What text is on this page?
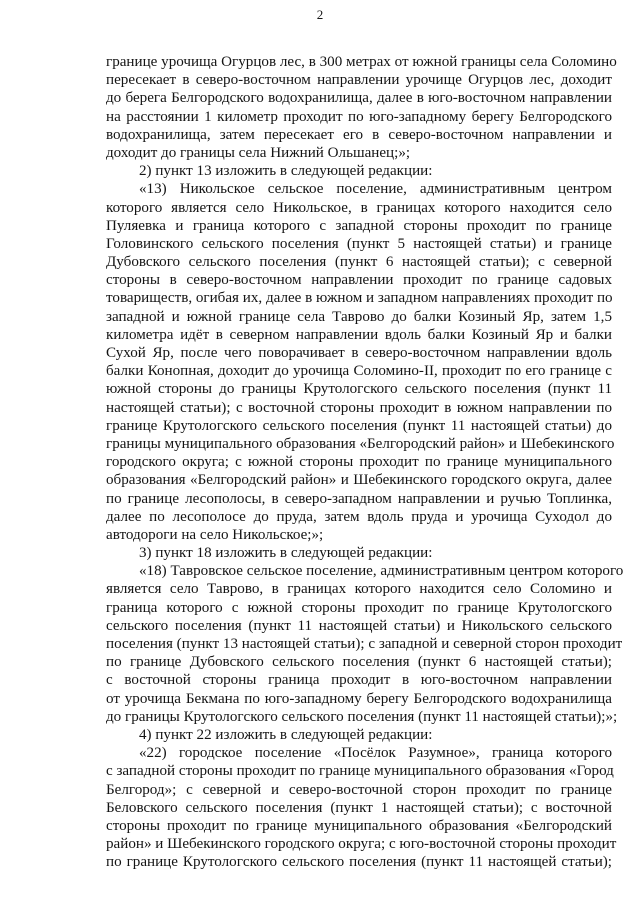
2
границе урочища Огурцов лес, в 300 метрах от южной границы села Соломино
пересекает в северо-восточном направлении урочище Огурцов лес, доходит
до берега Белгородского водохранилища, далее в юго-восточном направлении
на расстоянии 1 километр проходит по юго-западному берегу Белгородского
водохранилища, затем пересекает его в северо-восточном направлении и
доходит до границы села Нижний Ольшанец;»;
2) пункт 13 изложить в следующей редакции:
«13) Никольское сельское поселение, административным центром
которого является село Никольское, в границах которого находится село
Пуляевка и граница которого с западной стороны проходит по границе
Головинского сельского поселения (пункт 5 настоящей статьи) и границе
Дубовского сельского поселения (пункт 6 настоящей статьи); с северной
стороны в северо-восточном направлении проходит по границе садовых
товариществ, огибая их, далее в южном и западном направлениях проходит по
западной и южной границе села Таврово до балки Козиный Яр, затем 1,5
километра идёт в северном направлении вдоль балки Козиный Яр и балки
Сухой Яр, после чего поворачивает в северо-восточном направлении вдоль
балки Конопная, доходит до урочища Соломино-II, проходит по его границе с
южной стороны до границы Крутологского сельского поселения (пункт 11
настоящей статьи); с восточной стороны проходит в южном направлении по
границе Крутологского сельского поселения (пункт 11 настоящей статьи) до
границы муниципального образования «Белгородский район» и Шебекинского
городского округа; с южной стороны проходит по границе муниципального
образования «Белгородский район» и Шебекинского городского округа, далее
по границе лесополосы, в северо-западном направлении и ручью Топлинка,
далее по лесополосе до пруда, затем вдоль пруда и урочища Суходол до
автодороги на село Никольское;»;
3) пункт 18 изложить в следующей редакции:
«18) Тавровское сельское поселение, административным центром которого
является село Таврово, в границах которого находится село Соломино и
граница которого с южной стороны проходит по границе Крутологского
сельского поселения (пункт 11 настоящей статьи) и Никольского сельского
поселения (пункт 13 настоящей статьи); с западной и северной сторон проходит
по границе Дубовского сельского поселения (пункт 6 настоящей статьи);
с восточной стороны граница проходит в юго-восточном направлении
от урочища Бекмана по юго-западному берегу Белгородского водохранилища
до границы Крутологского сельского поселения (пункт 11 настоящей статьи);»;
4) пункт 22 изложить в следующей редакции:
«22) городское поселение «Посёлок Разумное», граница которого
с западной стороны проходит по границе муниципального образования «Город
Белгород»; с северной и северо-восточной сторон проходит по границе
Беловского сельского поселения (пункт 1 настоящей статьи); с восточной
стороны проходит по границе муниципального образования «Белгородский
район» и Шебекинского городского округа; с юго-восточной стороны проходит
по границе Крутологского сельского поселения (пункт 11 настоящей статьи);
